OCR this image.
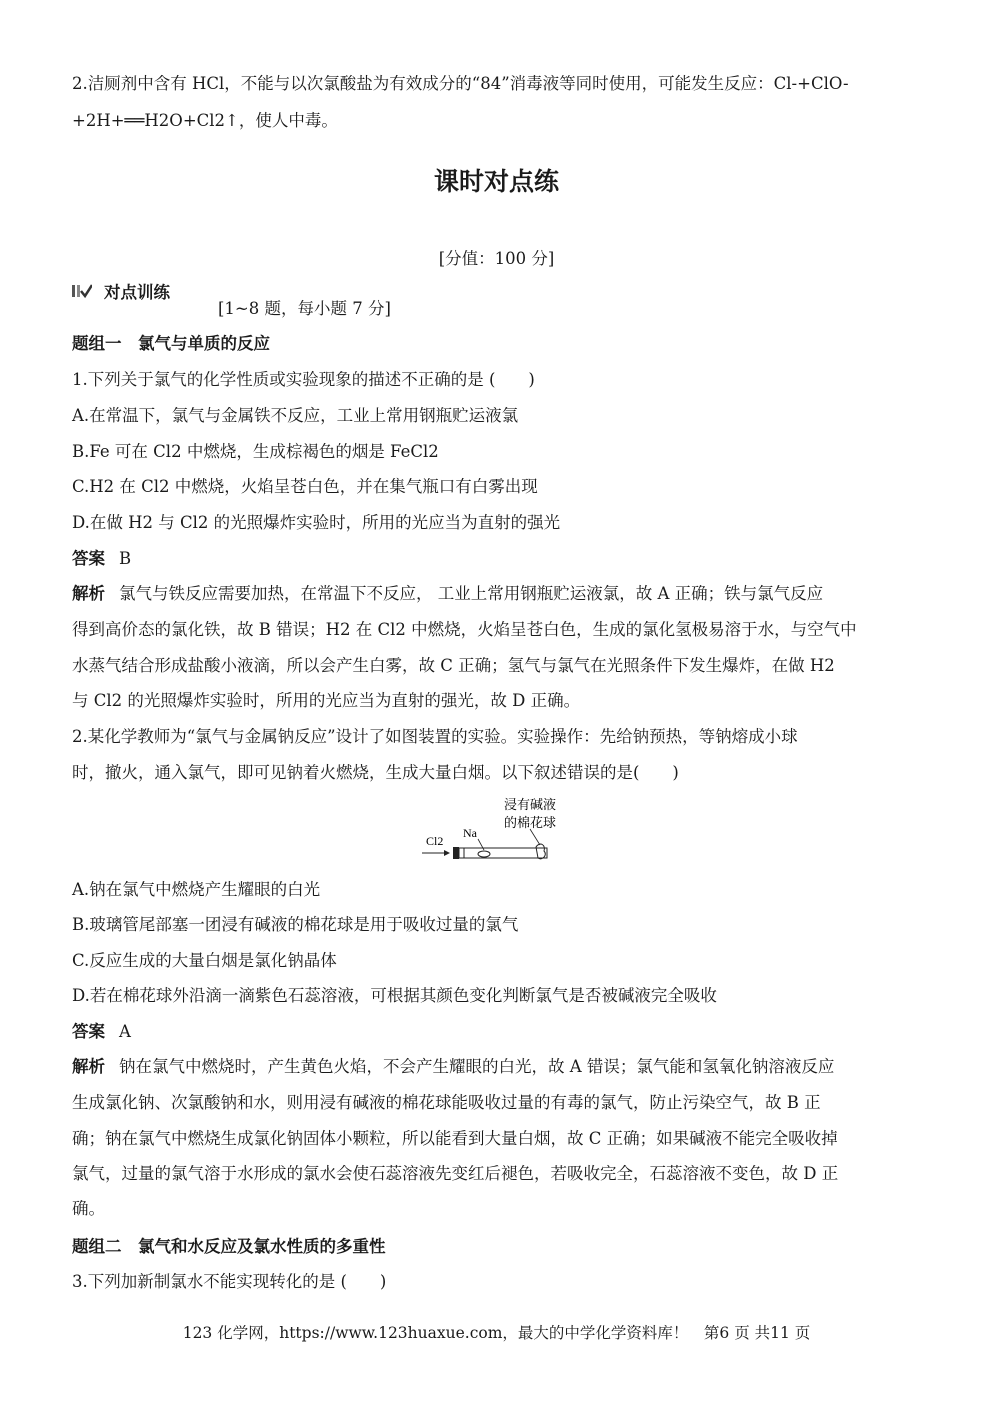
2.洁厕剂中含有 HCl，不能与以次氯酸盐为有效成分的“84”消毒液等同时使用，可能发生反应：Cl-+ClO-
+2H+══H2O+Cl2↑，使人中毒。
课时对点练
[分值：100 分]
对点训练
[1~8 题，每小题 7 分]
题组一　氯气与单质的反应
1.下列关于氯气的化学性质或实验现象的描述不正确的是 (　　)
A.在常温下，氯气与金属铁不反应，工业上常用钢瓶贮运液氯
B.Fe 可在 Cl2 中燃烧，生成棕褐色的烟是 FeCl2
C.H2 在 Cl2 中燃烧，火焰呈苍白色，并在集气瓶口有白雾出现
D.在做 H2 与 Cl2 的光照爆炸实验时，所用的光应当为直射的强光
答案 B
解析 氯气与铁反应需要加热，在常温下不反应， 工业上常用钢瓶贮运液氯，故 A 正确；铁与氯气反应
得到高价态的氯化铁，故 B 错误；H2 在 Cl2 中燃烧，火焰呈苍白色，生成的氯化氢极易溶于水，与空气中
水蒸气结合形成盐酸小液滴，所以会产生白雾，故 C 正确；氢气与氯气在光照条件下发生爆炸，在做 H2
与 Cl2 的光照爆炸实验时，所用的光应当为直射的强光，故 D 正确。
2.某化学教师为“氯气与金属钠反应”设计了如图装置的实验。实验操作：先给钠预热，等钠熔成小球
时，撤火，通入氯气，即可见钠着火燃烧，生成大量白烟。以下叙述错误的是(　　)
浸有碱液
的棉花球
Na
Cl2
A.钠在氯气中燃烧产生耀眼的白光
B.玻璃管尾部塞一团浸有碱液的棉花球是用于吸收过量的氯气
C.反应生成的大量白烟是氯化钠晶体
D.若在棉花球外沿滴一滴紫色石蕊溶液，可根据其颜色变化判断氯气是否被碱液完全吸收
答案 A
解析 钠在氯气中燃烧时，产生黄色火焰，不会产生耀眼的白光，故 A 错误；氯气能和氢氧化钠溶液反应
生成氯化钠、次氯酸钠和水，则用浸有碱液的棉花球能吸收过量的有毒的氯气，防止污染空气，故 B 正
确；钠在氯气中燃烧生成氯化钠固体小颗粒，所以能看到大量白烟，故 C 正确；如果碱液不能完全吸收掉
氯气，过量的氯气溶于水形成的氯水会使石蕊溶液先变红后褪色，若吸收完全，石蕊溶液不变色，故 D 正
确。
题组二　氯气和水反应及氯水性质的多重性
3.下列加新制氯水不能实现转化的是 (　　)
123 化学网，https://www.123huaxue.com，最大的中学化学资料库！　第6 页 共11 页
